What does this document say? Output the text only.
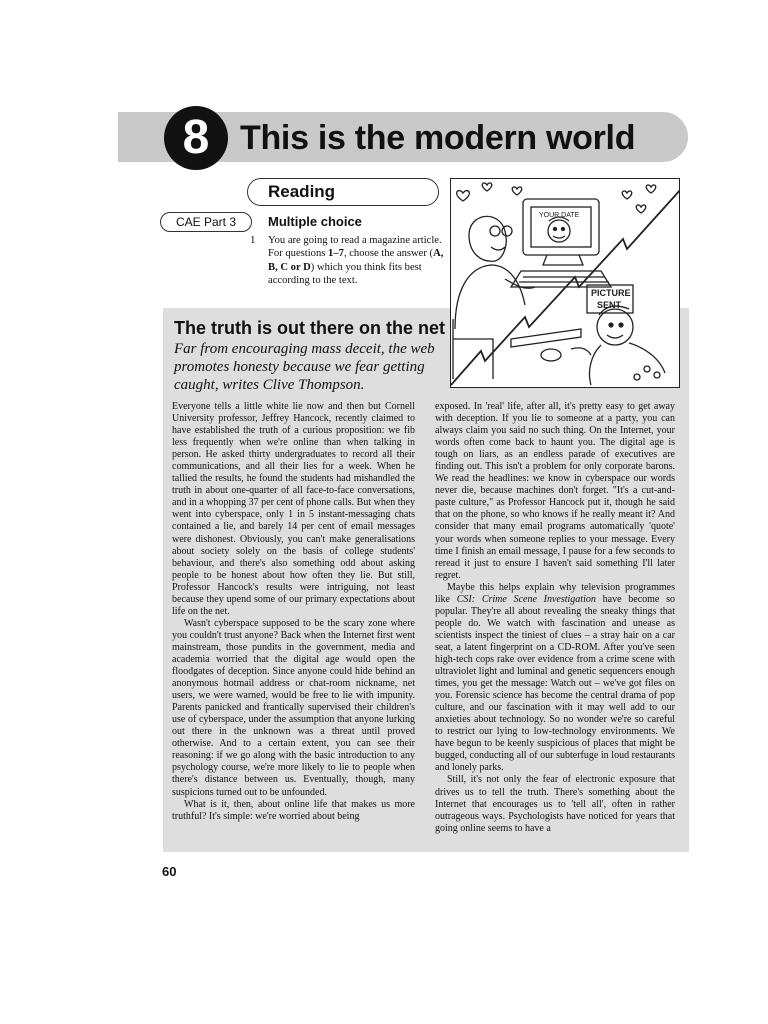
8 This is the modern world
Reading
CAE Part 3	Multiple choice
1 You are going to read a magazine article. For questions 1–7, choose the answer (A, B, C or D) which you think fits best according to the text.
YOUR DATE
PICTURE
SENT
The truth is out there on the net
Far from encouraging mass deceit, the web promotes honesty because we fear getting caught, writes Clive Thompson.

Everyone tells a little white lie now and then but Cornell University professor, Jeffrey Hancock, recently claimed to have established the truth of a curious proposition: we fib less frequently when we're online than when talking in person. He asked thirty undergraduates to record all their communications, and all their lies for a week. When he tallied the results, he found the students had mishandled the truth in about one-quarter of all face-to-face conversations, and in a whopping 37 per cent of phone calls. But when they went into cyberspace, only 1 in 5 instant-messaging chats contained a lie, and barely 14 per cent of email messages were dishonest. Obviously, you can't make generalisations about society solely on the basis of college students' behaviour, and there's also something odd about asking people to be honest about how often they lie. But still, Professor Hancock's results were intriguing, not least because they upend some of our primary expectations about life on the net.

Wasn't cyberspace supposed to be the scary zone where you couldn't trust anyone? Back when the Internet first went mainstream, those pundits in the government, media and academia worried that the digital age would open the floodgates of deception. Since anyone could hide behind an anonymous hotmail address or chat-room nickname, net users, we were warned, would be free to lie with impunity. Parents panicked and frantically supervised their children's use of cyberspace, under the assumption that anyone lurking out there in the unknown was a threat until proved otherwise. And to a certain extent, you can see their reasoning: if we go along with the basic introduction to any psychology course, we're more likely to lie to people when there's distance between us. Eventually, though, many suspicions turned out to be unfounded.

What is it, then, about online life that makes us more truthful? It's simple: we're worried about being

exposed. In 'real' life, after all, it's pretty easy to get away with deception. If you lie to someone at a party, you can always claim you said no such thing. On the Internet, your words often come back to haunt you. The digital age is tough on liars, as an endless parade of executives are finding out. This isn't a problem for only corporate barons. We read the headlines: we know in cyberspace our words never die, because machines don't forget. "It's a cut-and-paste culture," as Professor Hancock put it, though he said that on the phone, so who knows if he really meant it? And consider that many email programs automatically 'quote' your words when someone replies to your message. Every time I finish an email message, I pause for a few seconds to reread it just to ensure I haven't said something I'll later regret.

Maybe this helps explain why television programmes like CSI: Crime Scene Investigation have become so popular. They're all about revealing the sneaky things that people do. We watch with fascination and unease as scientists inspect the tiniest of clues – a stray hair on a car seat, a latent fingerprint on a CD-ROM. After you've seen high-tech cops rake over evidence from a crime scene with ultraviolet light and luminal and genetic sequencers enough times, you get the message: Watch out – we've got files on you. Forensic science has become the central drama of pop culture, and our fascination with it may well add to our anxieties about technology. So no wonder we're so careful to restrict our lying to low-technology environments. We have begun to be keenly suspicious of places that might be bugged, conducting all of our subterfuge in loud restaurants and lonely parks.

Still, it's not only the fear of electronic exposure that drives us to tell the truth. There's something about the Internet that encourages us to 'tell all', often in rather outrageous ways. Psychologists have noticed for years that going online seems to have a

60
